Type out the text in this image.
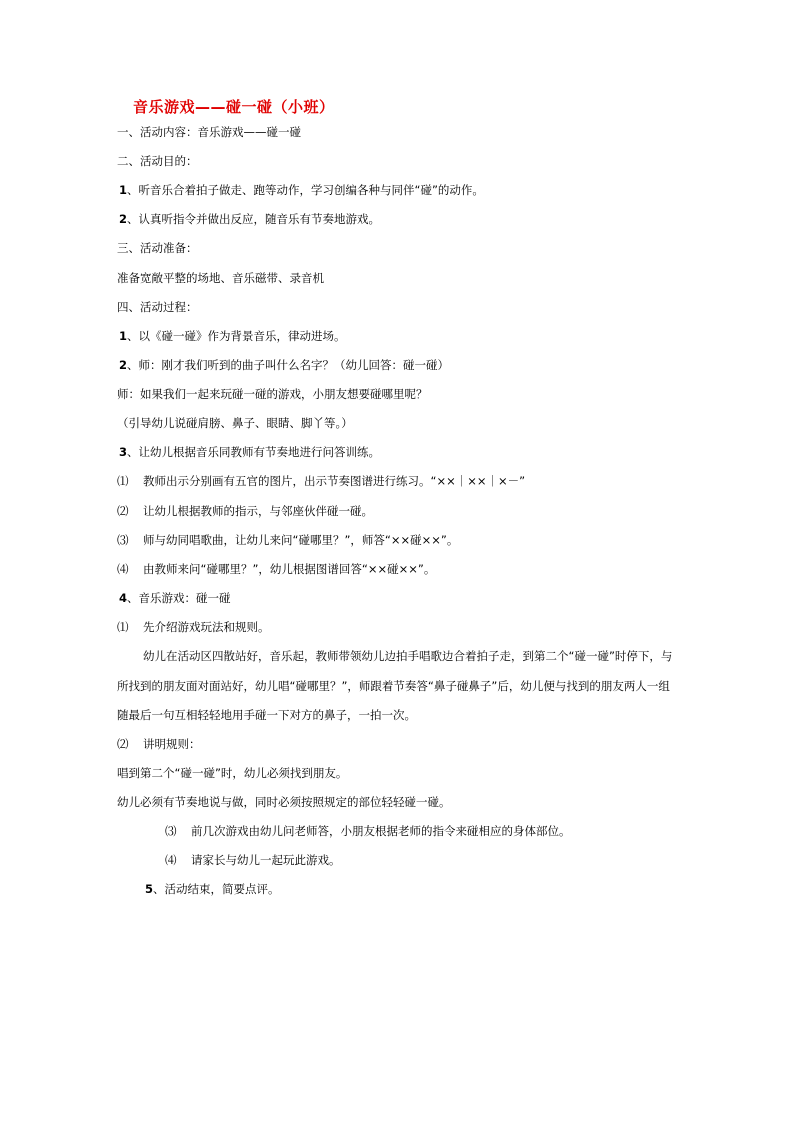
音乐游戏——碰一碰（小班）
一、活动内容：音乐游戏——碰一碰
二、活动目的：
1、听音乐合着拍子做走、跑等动作，学习创编各种与同伴“碰”的动作。
2、认真听指令并做出反应，随音乐有节奏地游戏。
三、活动准备：
准备宽敞平整的场地、音乐磁带、录音机
四、活动过程：
1、以《碰一碰》作为背景音乐，律动进场。
2、师：刚才我们听到的曲子叫什么名字？（幼儿回答：碰一碰）
师：如果我们一起来玩碰一碰的游戏，小朋友想要碰哪里呢？
（引导幼儿说碰肩膀、鼻子、眼睛、脚丫等。）
3、让幼儿根据音乐同教师有节奏地进行问答训练。
⑴ 教师出示分别画有五官的图片，出示节奏图谱进行练习。“××｜××｜×－”
⑵ 让幼儿根据教师的指示，与邻座伙伴碰一碰。
⑶ 师与幼同唱歌曲，让幼儿来问“碰哪里？”，师答“××碰××”。
⑷ 由教师来问“碰哪里？”，幼儿根据图谱回答“××碰××”。
4、音乐游戏：碰一碰
⑴ 先介绍游戏玩法和规则。
幼儿在活动区四散站好，音乐起，教师带领幼儿边拍手唱歌边合着拍子走，到第二个“碰一碰”时停下，与所找到的朋友面对面站好，幼儿唱“碰哪里？”，师跟着节奏答“鼻子碰鼻子”后，幼儿便与找到的朋友两人一组随最后一句互相轻轻地用手碰一下对方的鼻子，一拍一次。
⑵ 讲明规则：
唱到第二个“碰一碰”时，幼儿必须找到朋友。
幼儿必须有节奏地说与做，同时必须按照规定的部位轻轻碰一碰。
⑶ 前几次游戏由幼儿问老师答，小朋友根据老师的指令来碰相应的身体部位。
⑷ 请家长与幼儿一起玩此游戏。
5、活动结束，简要点评。
